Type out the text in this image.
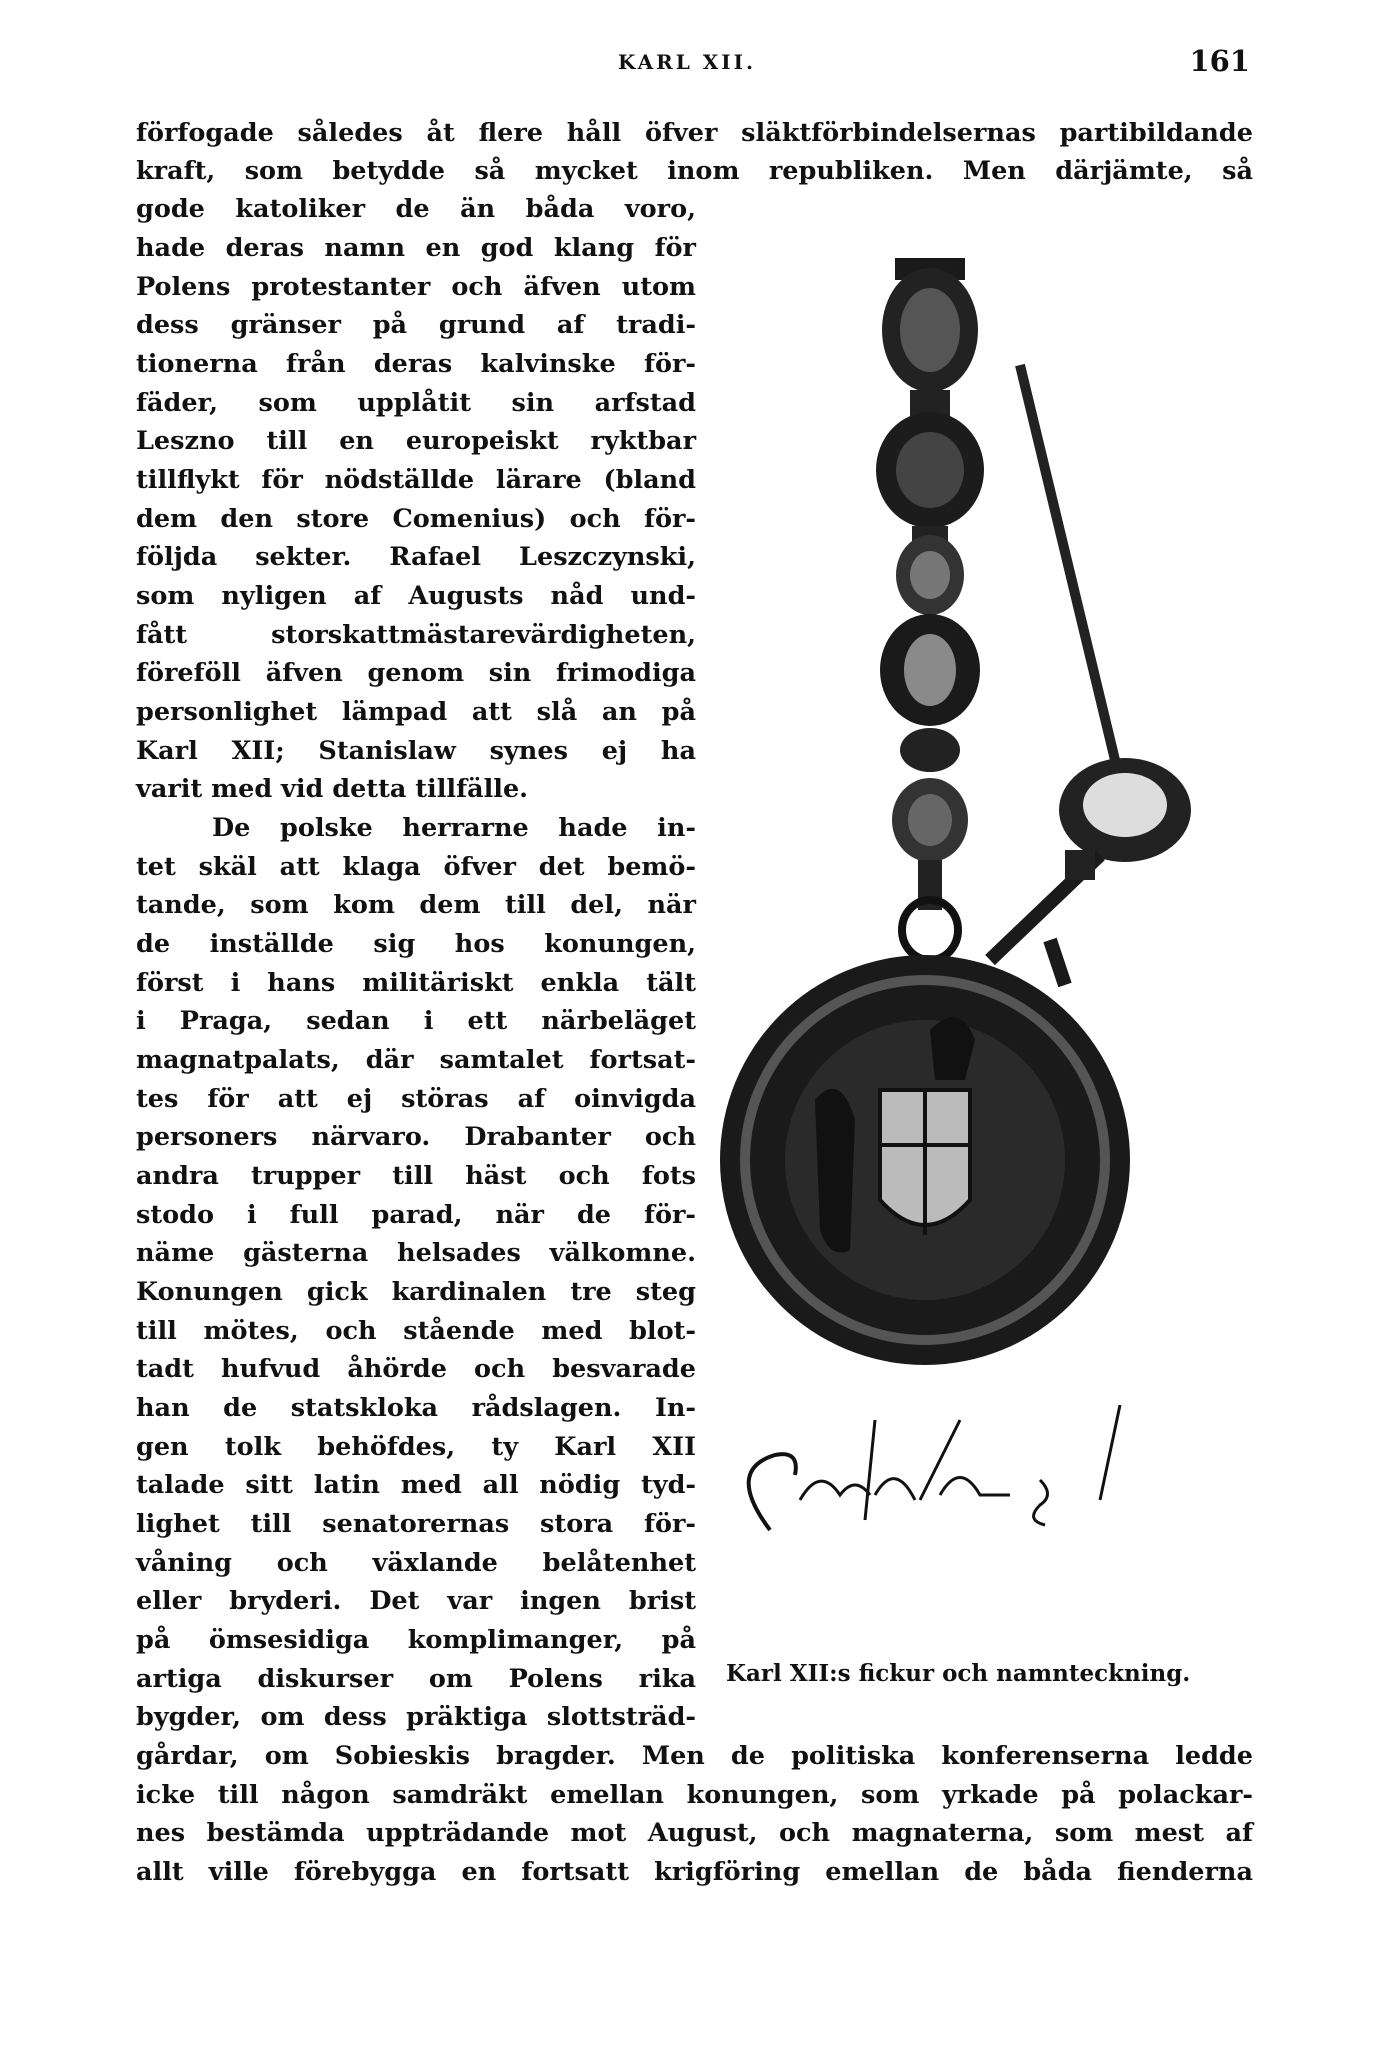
KARL XII.	161
förfogade således åt flere håll öfver släktförbindelsernas partibildande
kraft, som betydde så mycket inom republiken. Men därjämte, så
gode katoliker de än båda voro,
hade deras namn en god klang för
Polens protestanter och äfven utom
dess gränser på grund af tradi-
tionerna från deras kalvinske för-
fäder, som upplåtit sin arfstad
Leszno till en europeiskt ryktbar
tillflykt för nödställde lärare (bland
dem den store Comenius) och för-
följda sekter. Rafael Leszczynski,
som nyligen af Augusts nåd und-
fått storskattmästarevärdigheten,
föreföll äfven genom sin frimodiga
personlighet lämpad att slå an på
Karl XII; Stanislaw synes ej ha
varit med vid detta tillfälle.
De polske herrarne hade in-
tet skäl att klaga öfver det bemö-
tande, som kom dem till del, när
de inställde sig hos konungen,
först i hans militäriskt enkla tält
i Praga, sedan i ett närbeläget
magnatpalats, där samtalet fortsat-
tes för att ej störas af oinvigda
personers närvaro. Drabanter och
andra trupper till häst och fots
stodo i full parad, när de för-
näme gästerna helsades välkomne.
Konungen gick kardinalen tre steg
till mötes, och stående med blot-
tadt hufvud åhörde och besvarade
han de statskloka rådslagen. In-
gen tolk behöfdes, ty Karl XII
talade sitt latin med all nödig tyd-
lighet till senatorernas stora för-
våning och växlande belåtenhet
eller bryderi. Det var ingen brist
på ömsesidiga komplimanger, på
artiga diskurser om Polens rika
bygder, om dess präktiga slottsträd-
gårdar, om Sobieskis bragder. Men de politiska konferenserna ledde
icke till någon samdräkt emellan konungen, som yrkade på polackar-
nes bestämda uppträdande mot August, och magnaterna, som mest af
allt ville förebygga en fortsatt krigföring emellan de båda fienderna
Carolus
Karl XII:s fickur och namnteckning.
